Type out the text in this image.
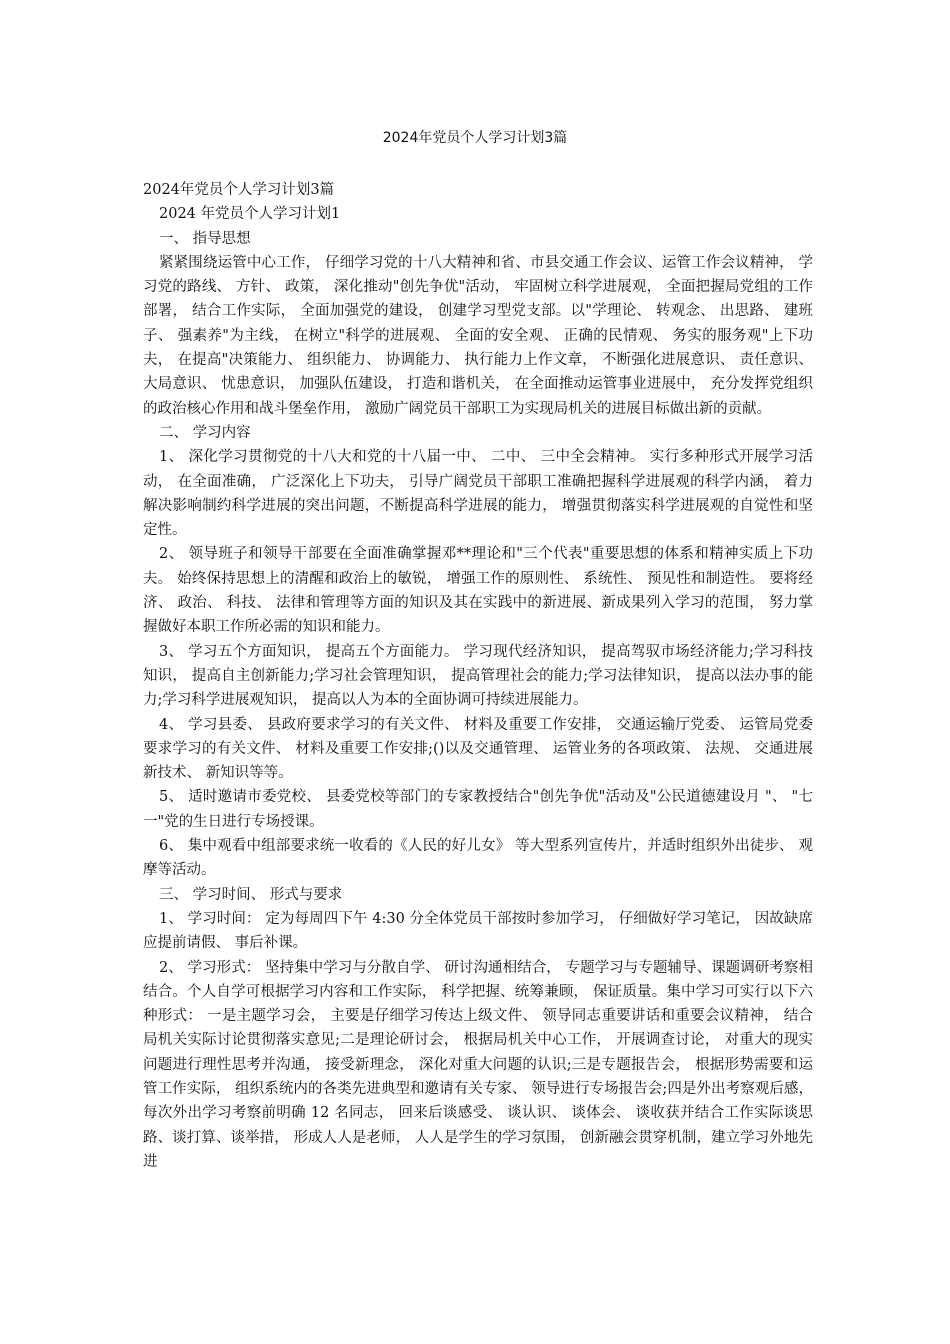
2024年党员个人学习计划3篇

2024年党员个人学习计划3篇

2024 年党员个人学习计划1

一、 指导思想

紧紧围绕运管中心工作， 仔细学习党的十八大精神和省、市县交通工作会议、运管工作会议精神， 学习党的路线、 方针、 政策， 深化推动"创先争优"活动， 牢固树立科学进展观， 全面把握局党组的工作部署， 结合工作实际， 全面加强党的建设， 创建学习型党支部。以"学理论、 转观念、 出思路、 建班子、 强素养"为主线， 在树立"科学的进展观、 全面的安全观、 正确的民情观、 务实的服务观"上下功夫， 在提高"决策能力、 组织能力、 协调能力、 执行能力上作文章， 不断强化进展意识、 责任意识、 大局意识、 忧患意识， 加强队伍建设， 打造和谐机关， 在全面推动运管事业进展中， 充分发挥党组织的政治核心作用和战斗堡垒作用， 激励广阔党员干部职工为实现局机关的进展目标做出新的贡献。

二、 学习内容

1、 深化学习贯彻党的十八大和党的十八届一中、 二中、 三中全会精神。 实行多种形式开展学习活动， 在全面准确， 广泛深化上下功夫， 引导广阔党员干部职工准确把握科学进展观的科学内涵， 着力解决影响制约科学进展的突出问题，不断提高科学进展的能力， 增强贯彻落实科学进展观的自觉性和坚定性。

2、 领导班子和领导干部要在全面准确掌握邓**理论和"三个代表"重要思想的体系和精神实质上下功夫。 始终保持思想上的清醒和政治上的敏锐， 增强工作的原则性、 系统性、 预见性和制造性。 要将经济、 政治、 科技、 法律和管理等方面的知识及其在实践中的新进展、新成果列入学习的范围， 努力掌握做好本职工作所必需的知识和能力。

3、 学习五个方面知识， 提高五个方面能力。 学习现代经济知识， 提高驾驭市场经济能力;学习科技知识， 提高自主创新能力;学习社会管理知识， 提高管理社会的能力;学习法律知识， 提高以法办事的能力;学习科学进展观知识， 提高以人为本的全面协调可持续进展能力。

4、 学习县委、 县政府要求学习的有关文件、 材料及重要工作安排， 交通运输厅党委、 运管局党委要求学习的有关文件、 材料及重要工作安排;()以及交通管理、 运管业务的各项政策、 法规、 交通进展新技术、 新知识等等。

5、 适时邀请市委党校、 县委党校等部门的专家教授结合"创先争优"活动及"公民道德建设月 "、 "七一"党的生日进行专场授课。

6、 集中观看中组部要求统一收看的《人民的好儿女》 等大型系列宣传片，并适时组织外出徒步、 观摩等活动。

三、 学习时间、 形式与要求

1、 学习时间： 定为每周四下午 4:30 分全体党员干部按时参加学习， 仔细做好学习笔记， 因故缺席应提前请假、 事后补课。

2、 学习形式： 坚持集中学习与分散自学、 研讨沟通相结合， 专题学习与专题辅导、课题调研考察相结合。个人自学可根据学习内容和工作实际， 科学把握、统筹兼顾， 保证质量。集中学习可实行以下六种形式： 一是主题学习会， 主要是仔细学习传达上级文件、 领导同志重要讲话和重要会议精神， 结合局机关实际讨论贯彻落实意见;二是理论研讨会， 根据局机关中心工作， 开展调查讨论， 对重大的现实问题进行理性思考并沟通， 接受新理念， 深化对重大问题的认识;三是专题报告会， 根据形势需要和运管工作实际， 组织系统内的各类先进典型和邀请有关专家、 领导进行专场报告会;四是外出考察观后感， 每次外出学习考察前明确 12 名同志， 回来后谈感受、 谈认识、 谈体会、 谈收获并结合工作实际谈思路、谈打算、谈举措， 形成人人是老师， 人人是学生的学习氛围， 创新融会贯穿机制，建立学习外地先进
